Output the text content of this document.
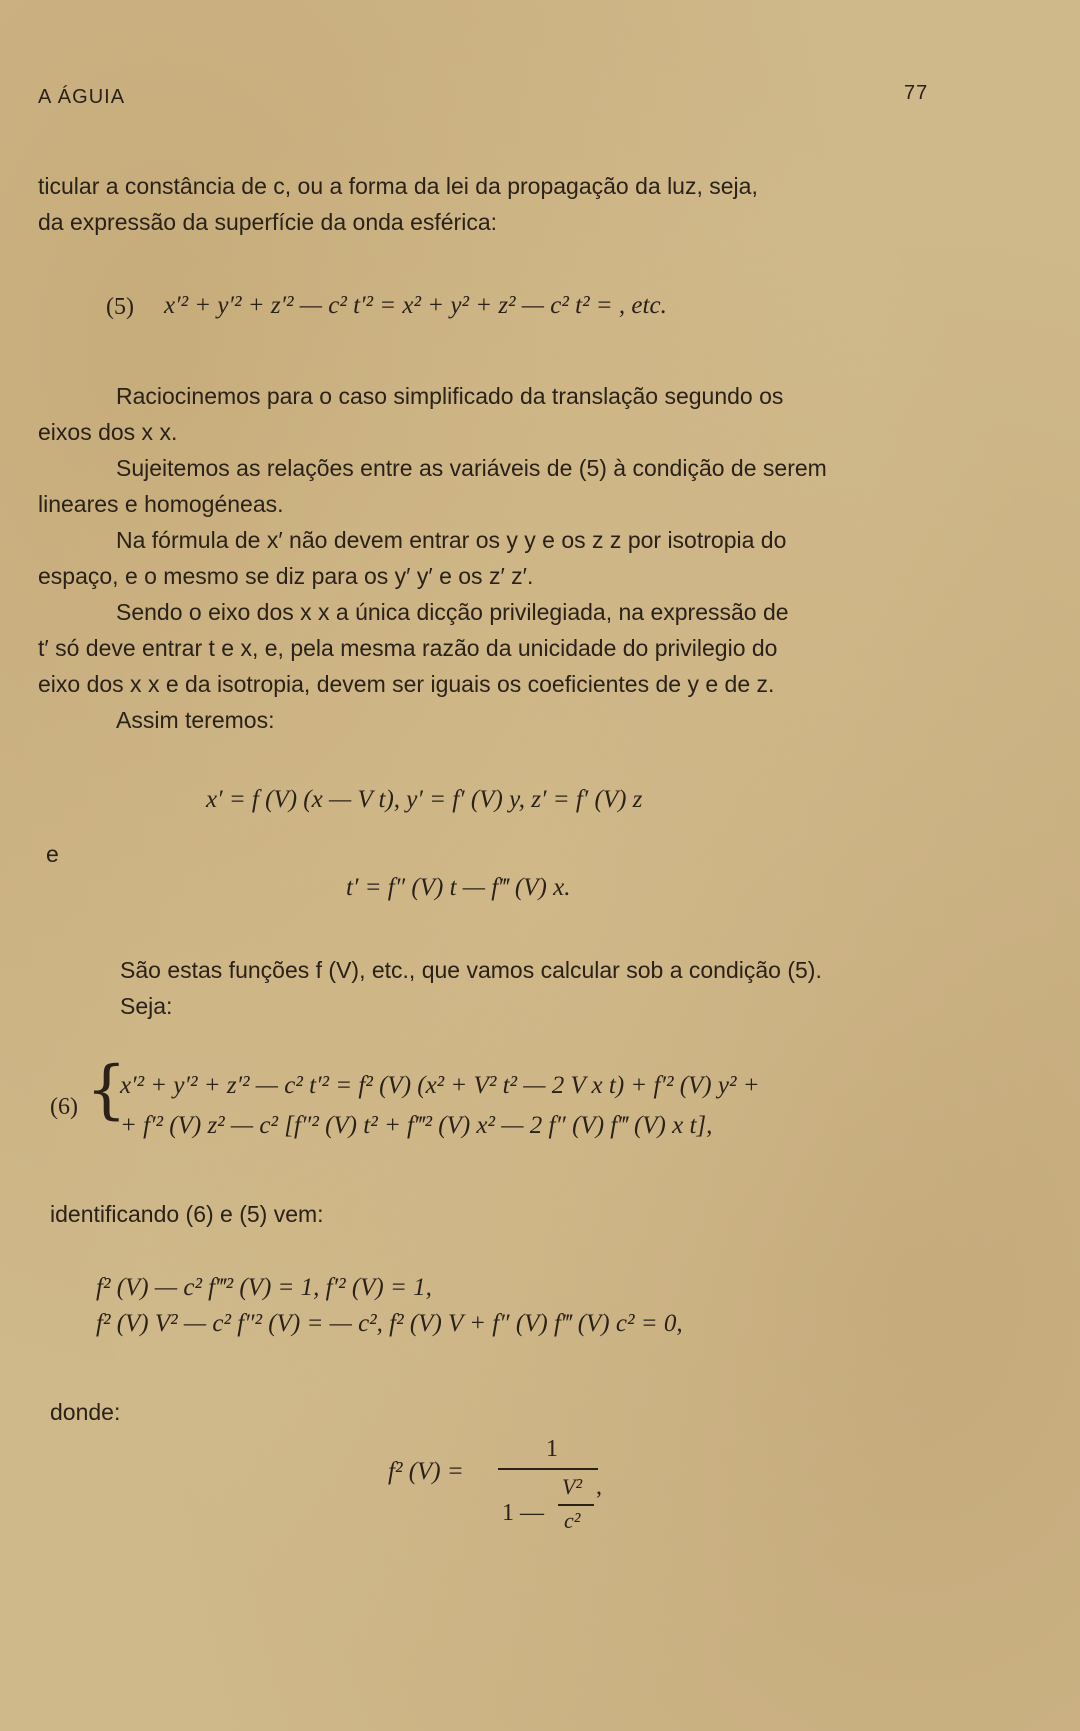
A ÁGUIA	77
ticular a constância de c, ou a forma da lei da propagação da luz, seja,
da expressão da superfície da onda esférica:
(5) x′² + y′² + z′² — c² t′² = x² + y² + z² — c² t² = , etc.
Raciocinemos para o caso simplificado da translação segundo os
eixos dos x x.
Sujeitemos as relações entre as variáveis de (5) à condição de serem
lineares e homogéneas.
Na fórmula de x′ não devem entrar os y y e os z z por isotropia do
espaço, e o mesmo se diz para os y′ y′ e os z′ z′.
Sendo o eixo dos x x a única dicção privilegiada, na expressão de
t′ só deve entrar t e x, e, pela mesma razão da unicidade do privilegio do
eixo dos x x e da isotropia, devem ser iguais os coeficientes de y e de z.
Assim teremos:
x′ = f (V) (x — V t), y′ = f′ (V) y, z′ = f′ (V) z
e
t′ = f″ (V) t — f‴ (V) x.
São estas funções f (V), etc., que vamos calcular sob a condição (5).
Seja:
(6) {
x′² + y′² + z′² — c² t′² = f² (V) (x² + V² t² — 2 V x t) + f′² (V) y² +
+ f′² (V) z² — c² [f″² (V) t² + f‴² (V) x² — 2 f″ (V) f‴ (V) x t],
identificando (6) e (5) vem:
f² (V) — c² f‴² (V) = 1, f′² (V) = 1,
f² (V) V² — c² f″² (V) = — c², f² (V) V + f″ (V) f‴ (V) c² = 0,
donde:
f² (V) =
1
1 —
V²
c²
,
